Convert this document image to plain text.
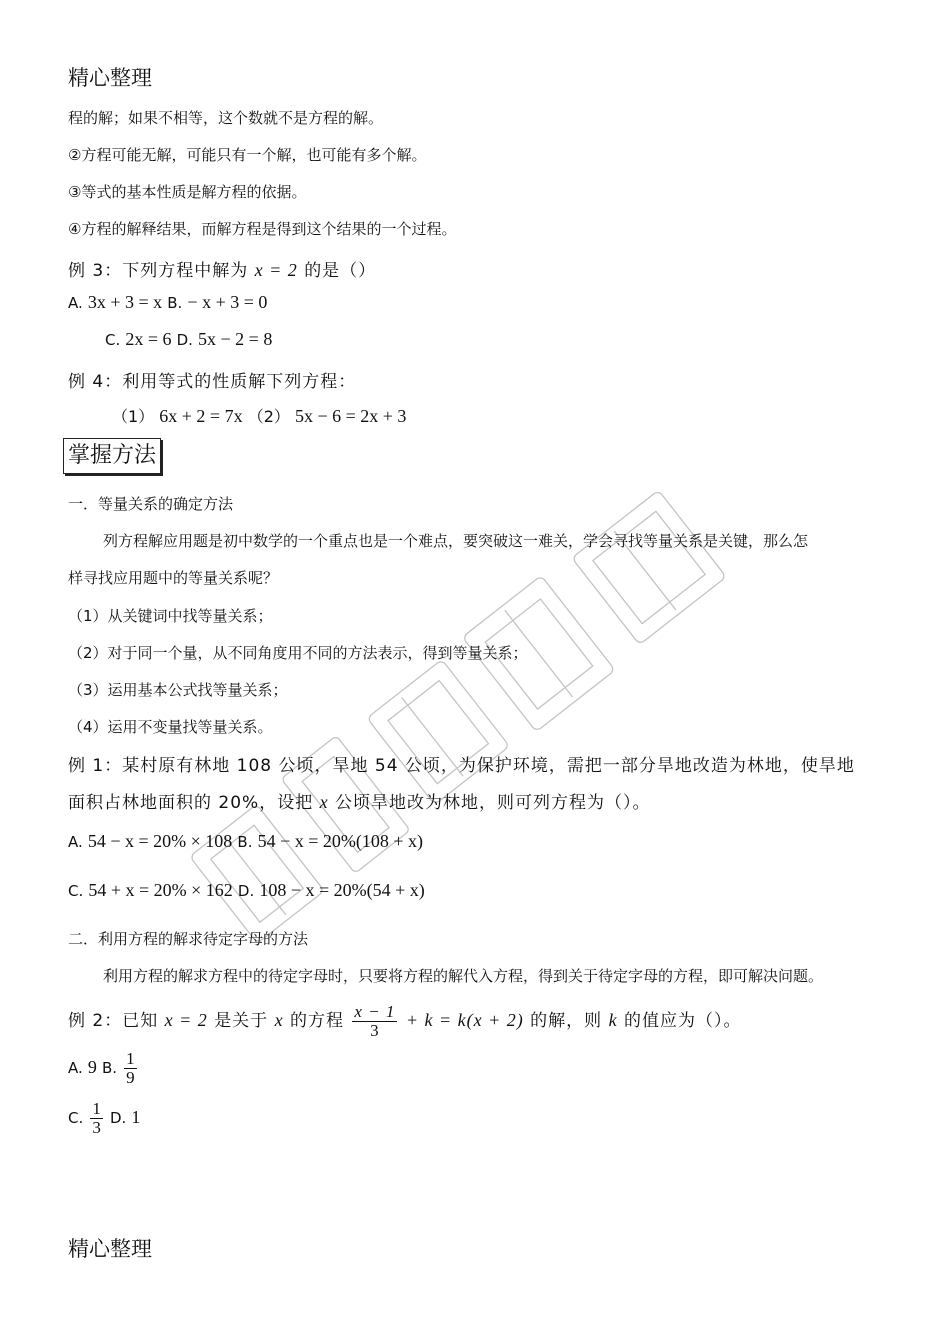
精心整理
程的解；如果不相等，这个数就不是方程的解。
②方程可能无解，可能只有一个解，也可能有多个解。
③等式的基本性质是解方程的依据。
④方程的解释结果，而解方程是得到这个结果的一个过程。
例 3：下列方程中解为 x = 2 的是（）
A. 3x + 3 = x B. − x + 3 = 0
C. 2x = 6 D. 5x − 2 = 8
例 4：利用等式的性质解下列方程：
（1） 6x + 2 = 7x （2） 5x − 6 = 2x + 3
掌握方法
一．等量关系的确定方法
列方程解应用题是初中数学的一个重点也是一个难点，要突破这一难关，学会寻找等量关系是关键，那么怎
样寻找应用题中的等量关系呢？
（1）从关键词中找等量关系；
（2）对于同一个量，从不同角度用不同的方法表示，得到等量关系；
（3）运用基本公式找等量关系；
（4）运用不变量找等量关系。
例 1：某村原有林地 108 公顷，旱地 54 公顷，为保护环境，需把一部分旱地改造为林地，使旱地
面积占林地面积的 20%，设把 x 公顷旱地改为林地，则可列方程为（）。
A. 54 − x = 20% × 108 B. 54 − x = 20%(108 + x)
C. 54 + x = 20% × 162 D. 108 − x = 20%(54 + x)
二．利用方程的解求待定字母的方法
利用方程的解求方程中的待定字母时，只要将方程的解代入方程，得到关于待定字母的方程，即可解决问题。
例 2：已知 x = 2 是关于 x 的方程 $\frac{x - 1}{3} + k = k(x + 2)$ 的解，则 k 的值应为（）。
A. 9 B. $\frac{1}{9}$
C. $\frac{1}{3} D$. 1
精心整理
